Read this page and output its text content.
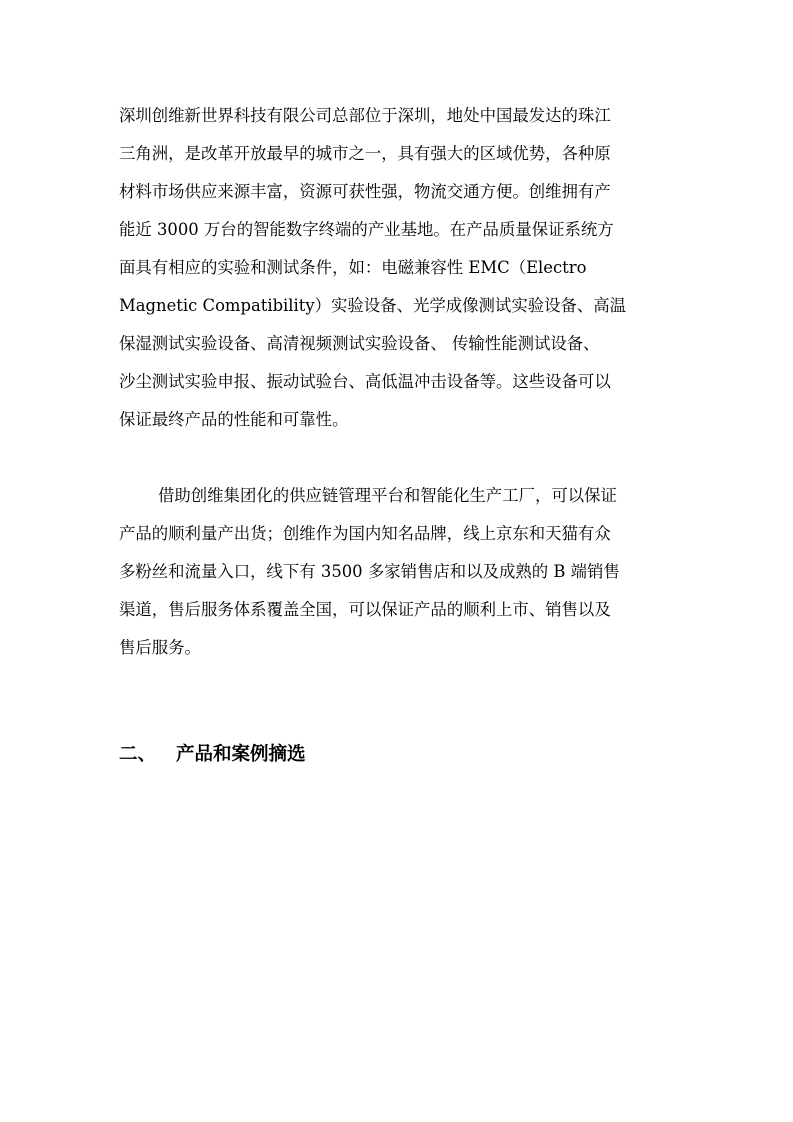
深圳创维新世界科技有限公司总部位于深圳，地处中国最发达的珠江
三角洲，是改革开放最早的城市之一，具有强大的区域优势，各种原
材料市场供应来源丰富，资源可获性强，物流交通方便。创维拥有产
能近 3000 万台的智能数字终端的产业基地。在产品质量保证系统方
面具有相应的实验和测试条件，如：电磁兼容性 EMC（Electro
Magnetic Compatibility）实验设备、光学成像测试实验设备、高温
保湿测试实验设备、高清视频测试实验设备、 传输性能测试设备、
沙尘测试实验申报、振动试验台、高低温冲击设备等。这些设备可以
保证最终产品的性能和可靠性。
借助创维集团化的供应链管理平台和智能化生产工厂，可以保证
产品的顺利量产出货；创维作为国内知名品牌，线上京东和天猫有众
多粉丝和流量入口，线下有 3500 多家销售店和以及成熟的 B 端销售
渠道，售后服务体系覆盖全国，可以保证产品的顺利上市、销售以及
售后服务。
二、 产品和案例摘选
